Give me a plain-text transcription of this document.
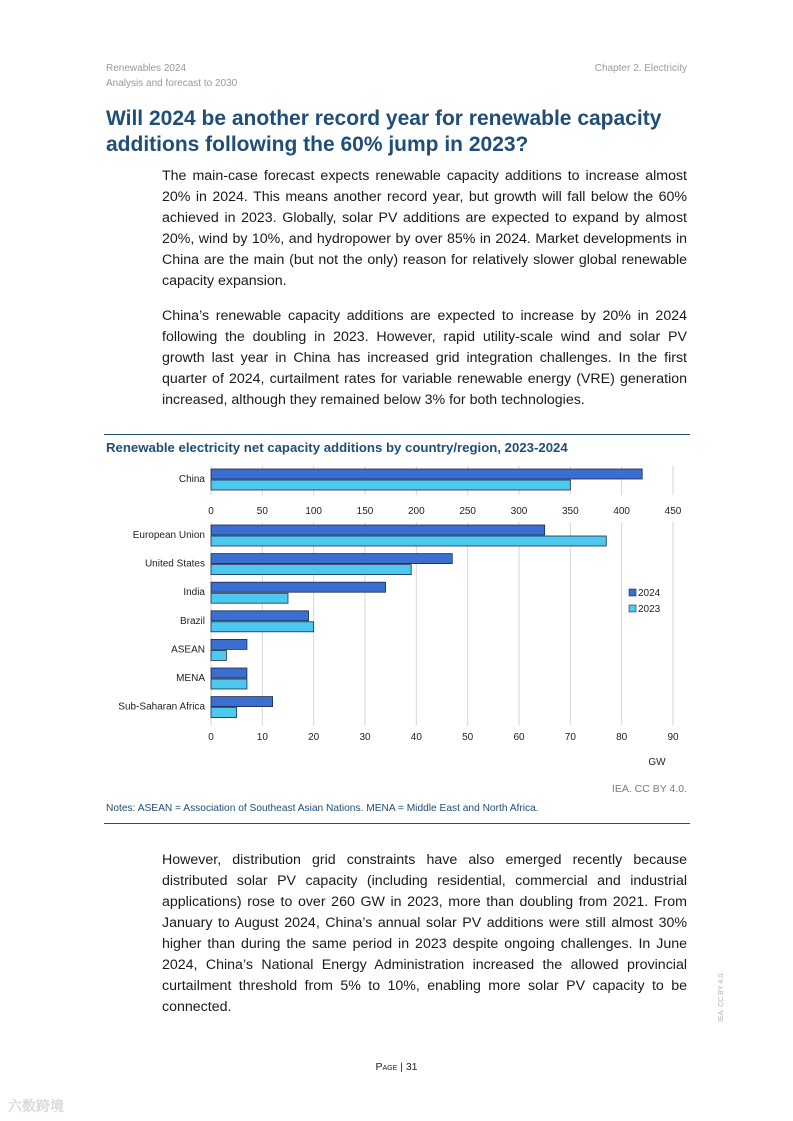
Renewables 2024
Analysis and forecast to 2030
Chapter 2. Electricity
Will 2024 be another record year for renewable capacity additions following the 60% jump in 2023?

The main-case forecast expects renewable capacity additions to increase almost 20% in 2024. This means another record year, but growth will fall below the 60% achieved in 2023. Globally, solar PV additions are expected to expand by almost 20%, wind by 10%, and hydropower by over 85% in 2024. Market developments in China are the main (but not the only) reason for relatively slower global renewable capacity expansion.

China’s renewable capacity additions are expected to increase by 20% in 2024 following the doubling in 2023. However, rapid utility-scale wind and solar PV growth last year in China has increased grid integration challenges. In the first quarter of 2024, curtailment rates for variable renewable energy (VRE) generation increased, although they remained below 3% for both technologies.

Renewable electricity net capacity additions by country/region, 2023-2024
0	50	100	150	200	250	300	350	400	450
China
0	10	20	30	40	50	60	70	80	90
European Union
United States
India
Brazil
ASEAN
MENA
Sub-Saharan Africa
2024
2023
GW
IEA. CC BY 4.0.
Notes: ASEAN = Association of Southeast Asian Nations. MENA = Middle East and North Africa.

However, distribution grid constraints have also emerged recently because distributed solar PV capacity (including residential, commercial and industrial applications) rose to over 260 GW in 2023, more than doubling from 2021. From January to August 2024, China’s annual solar PV additions were still almost 30% higher than during the same period in 2023 despite ongoing challenges. In June 2024, China’s National Energy Administration increased the allowed provincial curtailment threshold from 5% to 10%, enabling more solar PV capacity to be connected.

Page | 31
IEA. CC BY 4.0.
六数跨境
